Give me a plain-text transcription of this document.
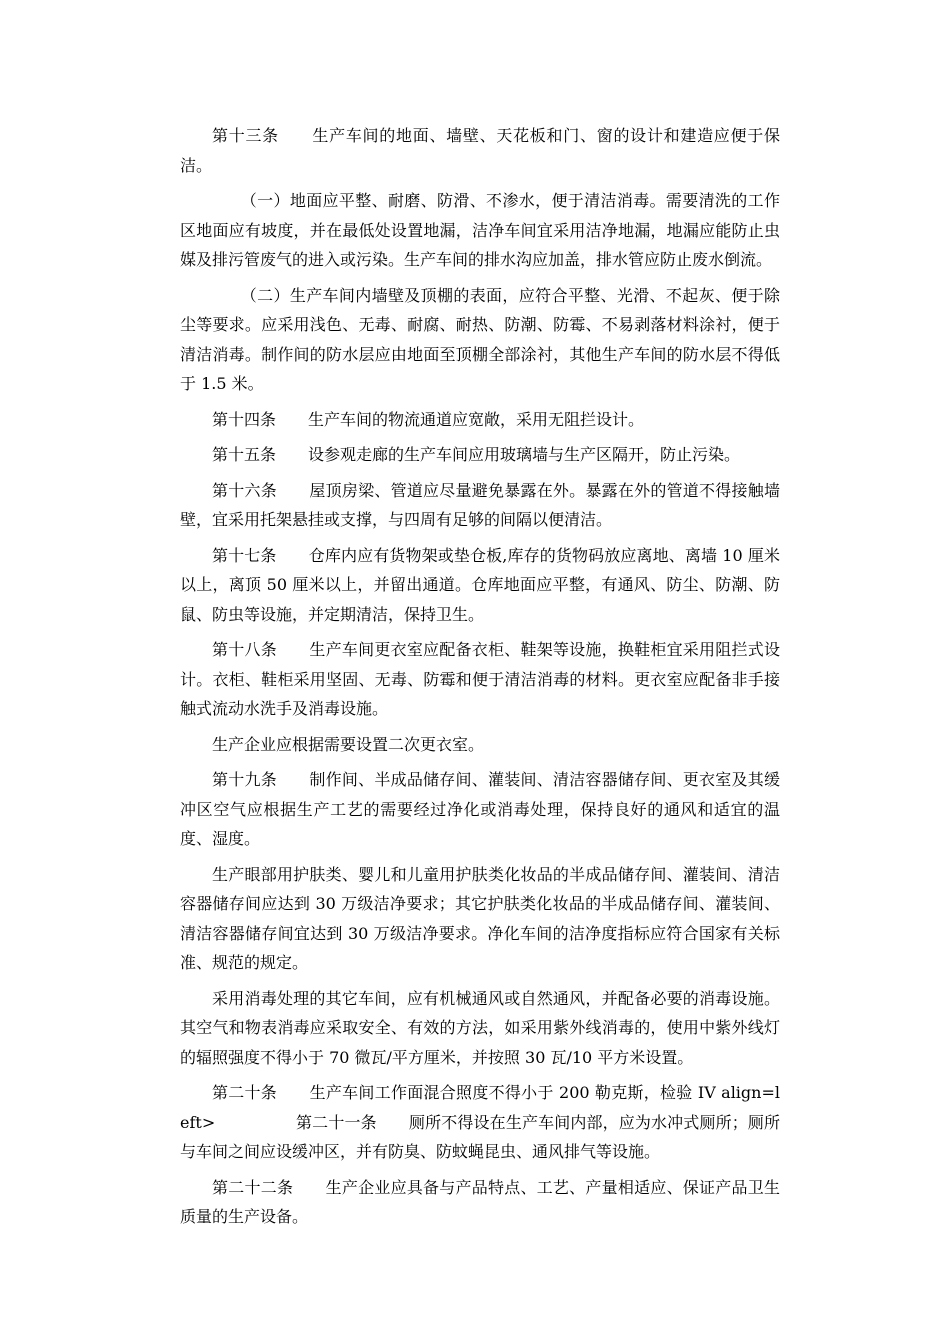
第十三条　　生产车间的地面、墙壁、天花板和门、窗的设计和建造应便于保洁。

（一）地面应平整、耐磨、防滑、不渗水，便于清洁消毒。需要清洗的工作区地面应有坡度，并在最低处设置地漏，洁净车间宜采用洁净地漏，地漏应能防止虫媒及排污管废气的进入或污染。生产车间的排水沟应加盖，排水管应防止废水倒流。

（二）生产车间内墙壁及顶棚的表面，应符合平整、光滑、不起灰、便于除尘等要求。应采用浅色、无毒、耐腐、耐热、防潮、防霉、不易剥落材料涂衬，便于清洁消毒。制作间的防水层应由地面至顶棚全部涂衬，其他生产车间的防水层不得低于 1.5 米。

第十四条　　生产车间的物流通道应宽敞，采用无阻拦设计。

第十五条　　设参观走廊的生产车间应用玻璃墙与生产区隔开，防止污染。

第十六条　　屋顶房梁、管道应尽量避免暴露在外。暴露在外的管道不得接触墙壁，宜采用托架悬挂或支撑，与四周有足够的间隔以便清洁。

第十七条　　仓库内应有货物架或垫仓板,库存的货物码放应离地、离墙 10 厘米以上，离顶 50 厘米以上，并留出通道。仓库地面应平整，有通风、防尘、防潮、防鼠、防虫等设施，并定期清洁，保持卫生。

第十八条　　生产车间更衣室应配备衣柜、鞋架等设施，换鞋柜宜采用阻拦式设计。衣柜、鞋柜采用坚固、无毒、防霉和便于清洁消毒的材料。更衣室应配备非手接触式流动水洗手及消毒设施。

生产企业应根据需要设置二次更衣室。

第十九条　　制作间、半成品储存间、灌装间、清洁容器储存间、更衣室及其缓冲区空气应根据生产工艺的需要经过净化或消毒处理，保持良好的通风和适宜的温度、湿度。

生产眼部用护肤类、婴儿和儿童用护肤类化妆品的半成品储存间、灌装间、清洁容器储存间应达到 30 万级洁净要求；其它护肤类化妆品的半成品储存间、灌装间、清洁容器储存间宜达到 30 万级洁净要求。净化车间的洁净度指标应符合国家有关标准、规范的规定。

采用消毒处理的其它车间，应有机械通风或自然通风，并配备必要的消毒设施。其空气和物表消毒应采取安全、有效的方法，如采用紫外线消毒的，使用中紫外线灯的辐照强度不得小于 70 微瓦/平方厘米，并按照 30 瓦/10 平方米设置。

第二十条　　生产车间工作面混合照度不得小于 200 勒克斯，检验 IV align=left>　　　　　第二十一条　　厕所不得设在生产车间内部，应为水冲式厕所；厕所与车间之间应设缓冲区，并有防臭、防蚊蝇昆虫、通风排气等设施。

第二十二条　　生产企业应具备与产品特点、工艺、产量相适应、保证产品卫生质量的生产设备。
